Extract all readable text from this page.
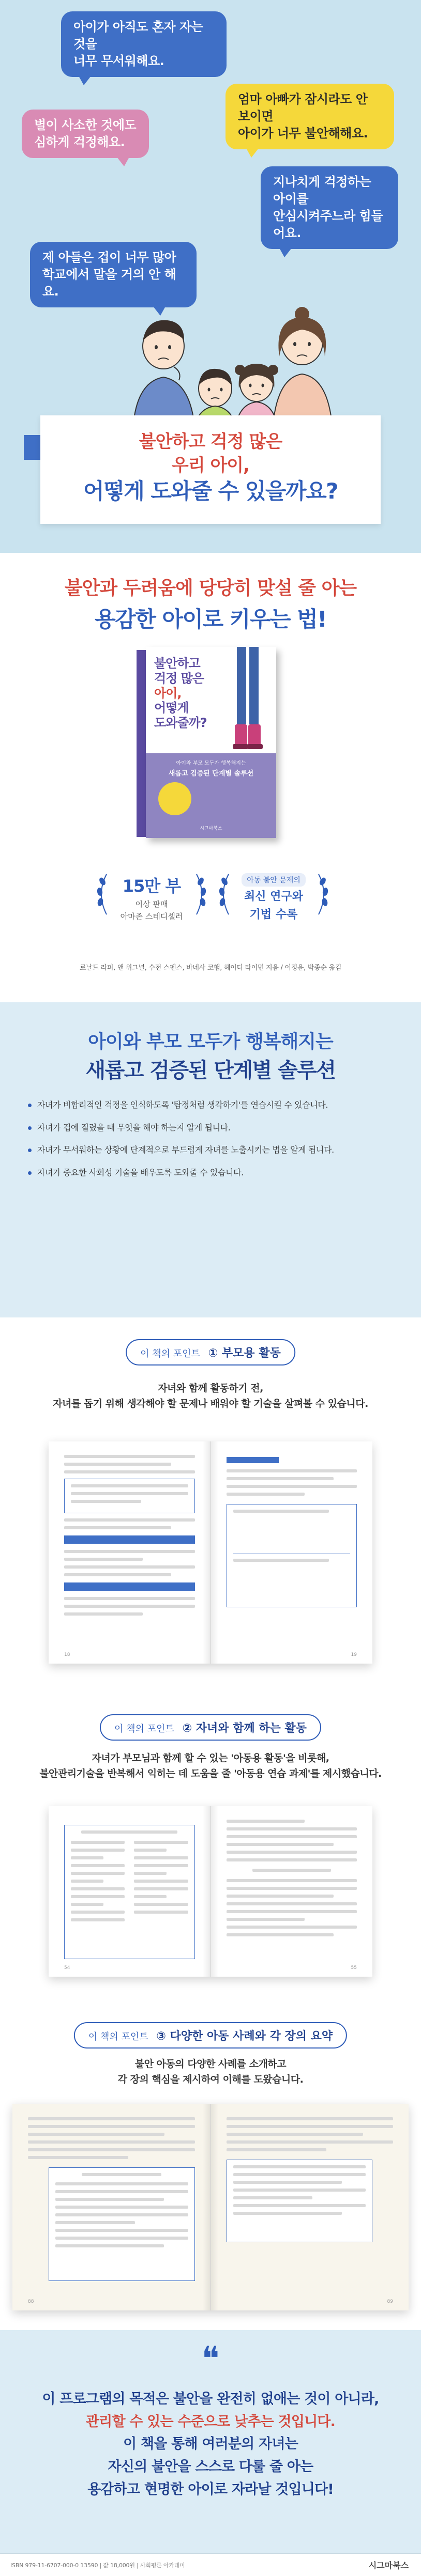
아이가 아직도 혼자 자는 것을
너무 무서워해요.
엄마 아빠가 잠시라도 안 보이면
아이가 너무 불안해해요.
별이 사소한 것에도
심하게 걱정해요.
지나치게 걱정하는 아이를
안심시켜주느라 힘들어요.
제 아들은 겁이 너무 많아
학교에서 말을 거의 안 해요.
불안하고 걱정 많은
우리 아이,
어떻게 도와줄 수 있을까요?
불안과 두려움에 당당히 맞설 줄 아는
용감한 아이로 키우는 법!
불안하고
걱정 많은
아이,
어떻게
도와줄까?
아이와 부모 모두가 행복해지는
새롭고 검증된 단계별 솔루션
시그마북스
15만 부
이상 판매
아마존 스테디셀러
아동 불안 문제의
최신 연구와
기법 수록
로날드 라피, 앤 위그널, 수전 스펜스, 바네사 코햄, 헤이디 라이먼 지음 / 이정윤, 박종순 옮김
아이와 부모 모두가 행복해지는
새롭고 검증된 단계별 솔루션
자녀가 비합리적인 걱정을 인식하도록 '탐정처럼 생각하기'를 연습시킬 수 있습니다.
자녀가 겁에 질렸을 때 무엇을 해야 하는지 알게 됩니다.
자녀가 무서워하는 상황에 단계적으로 부드럽게 자녀를 노출시키는 법을 알게 됩니다.
자녀가 중요한 사회성 기술을 배우도록 도와줄 수 있습니다.
이 책의 포인트 ① 부모용 활동
자녀와 함께 활동하기 전,
자녀를 돕기 위해 생각해야 할 문제나 배워야 할 기술을 살펴볼 수 있습니다.
18	19
이 책의 포인트 ② 자녀와 함께 하는 활동
자녀가 부모님과 함께 할 수 있는 '아동용 활동'을 비롯해,
불안관리기술을 반복해서 익히는 데 도움을 줄 '아동용 연습 과제'를 제시했습니다.
54	55
이 책의 포인트 ③ 다양한 아동 사례와 각 장의 요약
불안 아동의 다양한 사례를 소개하고
각 장의 핵심을 제시하여 이해를 도왔습니다.
88	89
❝
이 프로그램의 목적은 불안을 완전히 없애는 것이 아니라,
관리할 수 있는 수준으로 낮추는 것입니다.
이 책을 통해 여러분의 자녀는
자신의 불안을 스스로 다룰 줄 아는
용감하고 현명한 아이로 자라날 것입니다!
ISBN 979-11-6707-000-0 13590 | 값 18,000원 | 사회평론 아카데미	시그마북스
